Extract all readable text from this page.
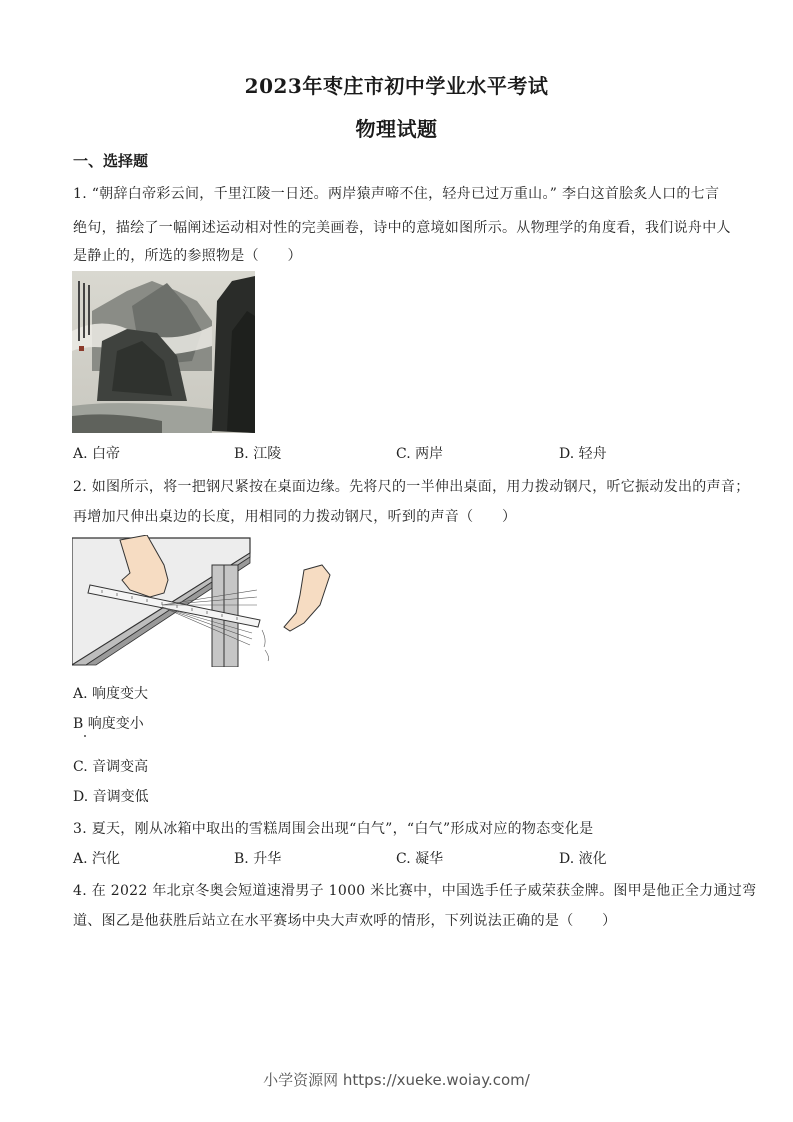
2023年枣庄市初中学业水平考试
物理试题
一、选择题
1. “朝辞白帝彩云间，千里江陵一日还。两岸猿声啼不住，轻舟已过万重山。” 李白这首脍炙人口的七言
绝句，描绘了一幅阐述运动相对性的完美画卷，诗中的意境如图所示。从物理学的角度看，我们说舟中人
是静止的，所选的参照物是（　　）
A. 白帝	B. 江陵	C. 两岸	D. 轻舟
2. 如图所示，将一把钢尺紧按在桌面边缘。先将尺的一半伸出桌面，用力拨动钢尺，听它振动发出的声音；
再增加尺伸出桌边的长度，用相同的力拨动钢尺，听到的声音（　　）
A. 响度变大
B 响度变小
C. 音调变高
D. 音调变低
3. 夏天，刚从冰箱中取出的雪糕周围会出现“白气”，“白气”形成对应的物态变化是
A. 汽化	B. 升华	C. 凝华	D. 液化
4. 在 2022 年北京冬奥会短道速滑男子 1000 米比赛中，中国选手任子威荣获金牌。图甲是他正全力通过弯
道、图乙是他获胜后站立在水平赛场中央大声欢呼的情形，下列说法正确的是（　　）
小学资源网 https://xueke.woiay.com/
